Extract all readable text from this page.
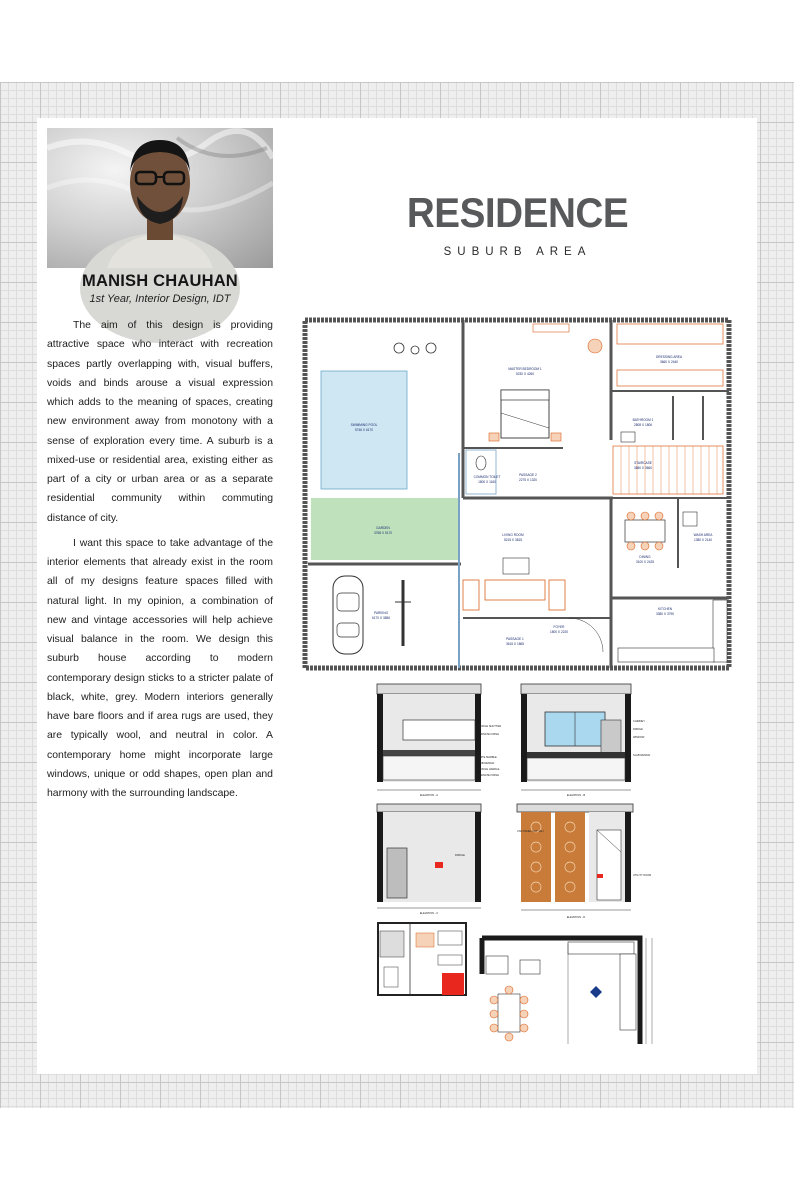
MANISH CHAUHAN
1st Year, Interior Design, IDT

The aim of this design is providing attractive space who interact with recreation spaces partly overlapping with, visual buffers, voids and binds arouse a visual expression which adds to the meaning of spaces, creating new environment away from monotony with a sense of exploration every time. A suburb is a mixed-use or residential area, existing either as part of a city or urban area or as a separate residential community within commuting distance of city.

I want this space to take advantage of the interior elements that already exist in the room all of my designs feature spaces filled with natural light. In my opinion, a combination of new and vintage accessories will help achieve visual balance in the room. We design this suburb house according to modern contemporary design sticks to a stricter palate of black, white, grey. Modern interiors generally have bare floors and if area rugs are used, they are typically wool, and neutral in color. A contemporary home might incorporate large windows, unique or odd shapes, open plan and harmony with the surrounding landscape.

RESIDENCE
SUBURB AREA
SWIMMING POOL
5746 X 6170
GARDEN
3768 X 5170
PARKING
6170 X 3856
MASTER BEDROOM 1
5230 X 4260
DRESSING AREA
3660 X 2440
BATHROOM 1
2808 X 1806
COMMON TOILET
1800 X 1160
PASSAGE 2
2275 X 1320
STAIRCASE
3680 X 3660
LIVING ROOM
5215 X 3815
DINING
3100 X 2425
WASH AREA
1380 X 2140
KITCHEN
3380 X 3790
FOYER
1800 X 2220
PASSAGE 1
3615 X 1865
PROFILE SHUTTER
LAMINATE FINISH
WHITE MARBLE
SLAB DESIGN
PROFILE HANDLE
LAMINATE FINISH
ELEVATION - A
CHIMNEY
FRIDGE
WINDOW
SLAB DESIGN
ELEVATION - B
FRIDGE
ELEVATION - C
CNC PANEL CUT JALI
UTILITY DOOR
ELEVATION - D
